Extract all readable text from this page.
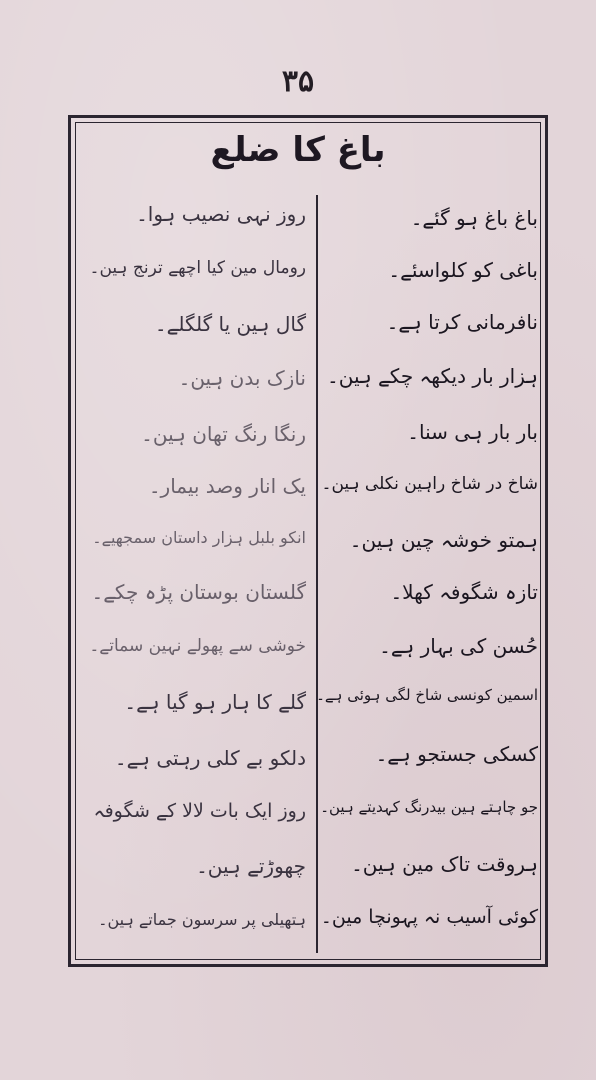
۳۵
باغ کا ضلع
باغ باغ ہو گئے۔
باغی کو کلواسئے۔
نافرمانی کرتا ہے۔
ہزار بار دیکھہ چکے ہین۔
بار بار ہی سنا۔
شاخ در شاخ راہین نکلی ہین۔
ہمتو خوشہ چین ہین۔
تازہ شگوفہ کھلا۔
حُسن کی بہار ہے۔
اسمین کونسی شاخ لگی ہوئی ہے۔
کسکی جستجو ہے۔
جو چاہتے ہین بیدرنگ کہدیتے ہین۔
ہروقت تاک مین ہین۔
کوئی آسیب نہ پہونچا مین۔
روز نہی نصیب ہوا۔
رومال مین کیا اچھے ترنج ہین۔
گال ہین یا گلگلے۔
نازک بدن ہین۔
رنگا رنگ تھان ہین۔
یک انار وصد بیمار۔
انکو بلبل ہزار داستان سمجھیے۔
گلستان بوستان پڑہ چکے۔
خوشی سے پھولے نہین سماتے۔
گلے کا ہار ہو گیا ہے۔
دلکو بے کلی رہتی ہے۔
روز ایک بات لالا کے شگوفہ
چھوڑتے ہین۔
ہتھیلی پر سرسون جماتے ہین۔
